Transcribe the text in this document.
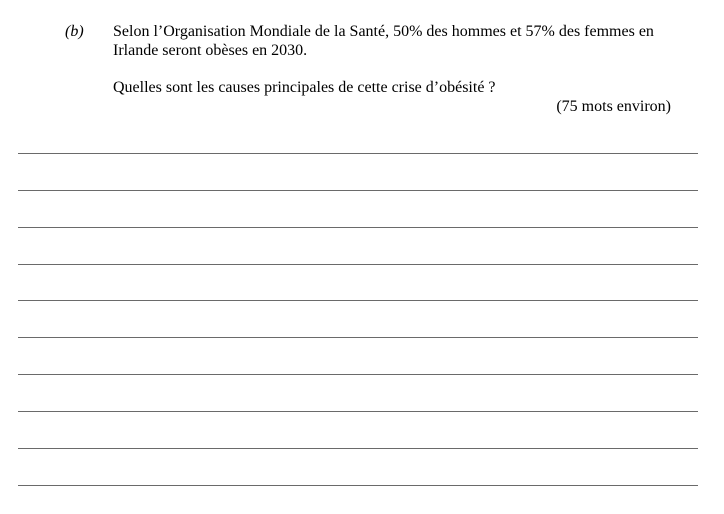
(b) Selon l’Organisation Mondiale de la Santé, 50% des hommes et 57% des femmes en Irlande seront obèses en 2030.

Quelles sont les causes principales de cette crise d’obésité ?
(75 mots environ)
